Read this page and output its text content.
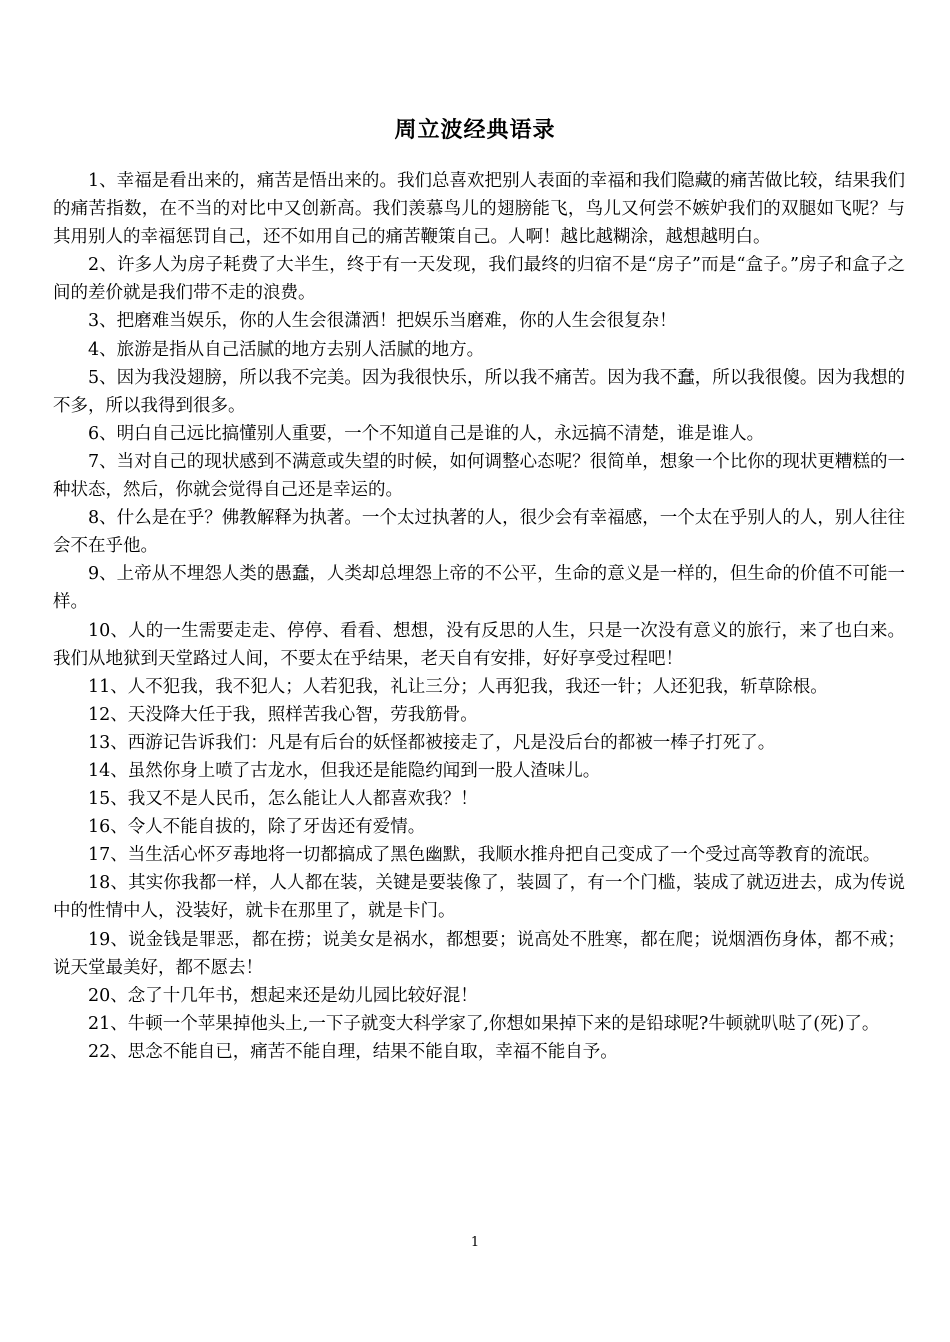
周立波经典语录

1、幸福是看出来的，痛苦是悟出来的。我们总喜欢把别人表面的幸福和我们隐藏的痛苦做比较，结果我们的痛苦指数，在不当的对比中又创新高。我们羡慕鸟儿的翅膀能飞，鸟儿又何尝不嫉妒我们的双腿如飞呢？与其用别人的幸福惩罚自己，还不如用自己的痛苦鞭策自己。人啊！越比越糊涂，越想越明白。

2、许多人为房子耗费了大半生，终于有一天发现，我们最终的归宿不是“房子”而是“盒子。”房子和盒子之间的差价就是我们带不走的浪费。

3、把磨难当娱乐，你的人生会很潇洒！把娱乐当磨难，你的人生会很复杂！

4、旅游是指从自己活腻的地方去别人活腻的地方。

5、因为我没翅膀，所以我不完美。因为我很快乐，所以我不痛苦。因为我不蠢，所以我很傻。因为我想的不多，所以我得到很多。

6、明白自己远比搞懂别人重要，一个不知道自己是谁的人，永远搞不清楚，谁是谁人。

7、当对自己的现状感到不满意或失望的时候，如何调整心态呢？很简单，想象一个比你的现状更糟糕的一种状态，然后，你就会觉得自己还是幸运的。

8、什么是在乎？佛教解释为执著。一个太过执著的人，很少会有幸福感，一个太在乎别人的人，别人往往会不在乎他。

9、上帝从不埋怨人类的愚蠢，人类却总埋怨上帝的不公平，生命的意义是一样的，但生命的价值不可能一样。

10、人的一生需要走走、停停、看看、想想，没有反思的人生，只是一次没有意义的旅行，来了也白来。我们从地狱到天堂路过人间，不要太在乎结果，老天自有安排，好好享受过程吧！

11、人不犯我，我不犯人；人若犯我，礼让三分；人再犯我，我还一针；人还犯我，斩草除根。

12、天没降大任于我，照样苦我心智，劳我筋骨。

13、西游记告诉我们：凡是有后台的妖怪都被接走了，凡是没后台的都被一棒子打死了。

14、虽然你身上喷了古龙水，但我还是能隐约闻到一股人渣味儿。

15、我又不是人民币，怎么能让人人都喜欢我？！

16、令人不能自拔的，除了牙齿还有爱情。

17、当生活心怀歹毒地将一切都搞成了黑色幽默，我顺水推舟把自己变成了一个受过高等教育的流氓。

18、其实你我都一样，人人都在装，关键是要装像了，装圆了，有一个门槛，装成了就迈进去，成为传说中的性情中人，没装好，就卡在那里了，就是卡门。

19、说金钱是罪恶，都在捞；说美女是祸水，都想要；说高处不胜寒，都在爬；说烟酒伤身体，都不戒；说天堂最美好，都不愿去！

20、念了十几年书，想起来还是幼儿园比较好混！

21、牛顿一个苹果掉他头上,一下子就变大科学家了,你想如果掉下来的是铅球呢?牛顿就叭哒了(死)了。

22、思念不能自已，痛苦不能自理，结果不能自取，幸福不能自予。

1
